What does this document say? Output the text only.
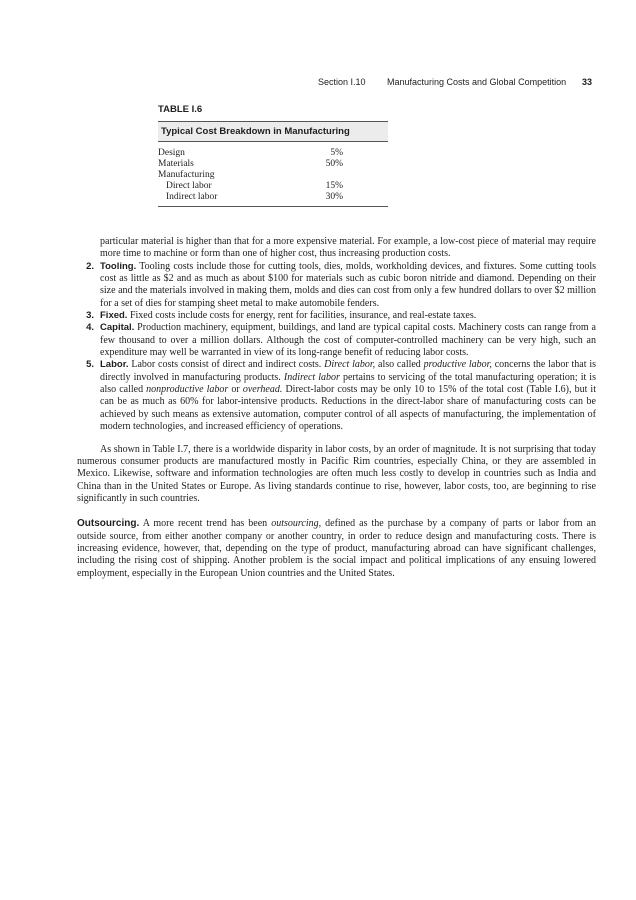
Section I.10 Manufacturing Costs and Global Competition 33
TABLE I.6
Typical Cost Breakdown in Manufacturing
Design	5%
Materials	50%
Manufacturing
Direct labor	15%
Indirect labor	30%

particular material is higher than that for a more expensive material. For example, a low-cost piece of material may require more time to machine or form than one of higher cost, thus increasing production costs.

2. Tooling. Tooling costs include those for cutting tools, dies, molds, workholding devices, and fixtures. Some cutting tools cost as little as $2 and as much as about $100 for materials such as cubic boron nitride and diamond. Depending on their size and the materials involved in making them, molds and dies can cost from only a few hundred dollars to over $2 million for a set of dies for stamping sheet metal to make automobile fenders.

3. Fixed. Fixed costs include costs for energy, rent for facilities, insurance, and real-estate taxes.

4. Capital. Production machinery, equipment, buildings, and land are typical capital costs. Machinery costs can range from a few thousand to over a million dollars. Although the cost of computer-controlled machinery can be very high, such an expenditure may well be warranted in view of its long-range benefit of reducing labor costs.

5. Labor. Labor costs consist of direct and indirect costs. Direct labor, also called productive labor, concerns the labor that is directly involved in manufacturing products. Indirect labor pertains to servicing of the total manufacturing operation; it is also called nonproductive labor or overhead. Direct-labor costs may be only 10 to 15% of the total cost (Table I.6), but it can be as much as 60% for labor-intensive products. Reductions in the direct-labor share of manufacturing costs can be achieved by such means as extensive automation, computer control of all aspects of manufacturing, the implementation of modern technologies, and increased efficiency of operations.

As shown in Table I.7, there is a worldwide disparity in labor costs, by an order of magnitude. It is not surprising that today numerous consumer products are manufactured mostly in Pacific Rim countries, especially China, or they are assembled in Mexico. Likewise, software and information technologies are often much less costly to develop in countries such as India and China than in the United States or Europe. As living standards continue to rise, however, labor costs, too, are beginning to rise significantly in such countries.

Outsourcing. A more recent trend has been outsourcing, defined as the purchase by a company of parts or labor from an outside source, from either another company or another country, in order to reduce design and manufacturing costs. There is increasing evidence, however, that, depending on the type of product, manufacturing abroad can have significant challenges, including the rising cost of shipping. Another problem is the social impact and political implications of any ensuing lowered employment, especially in the European Union countries and the United States.
